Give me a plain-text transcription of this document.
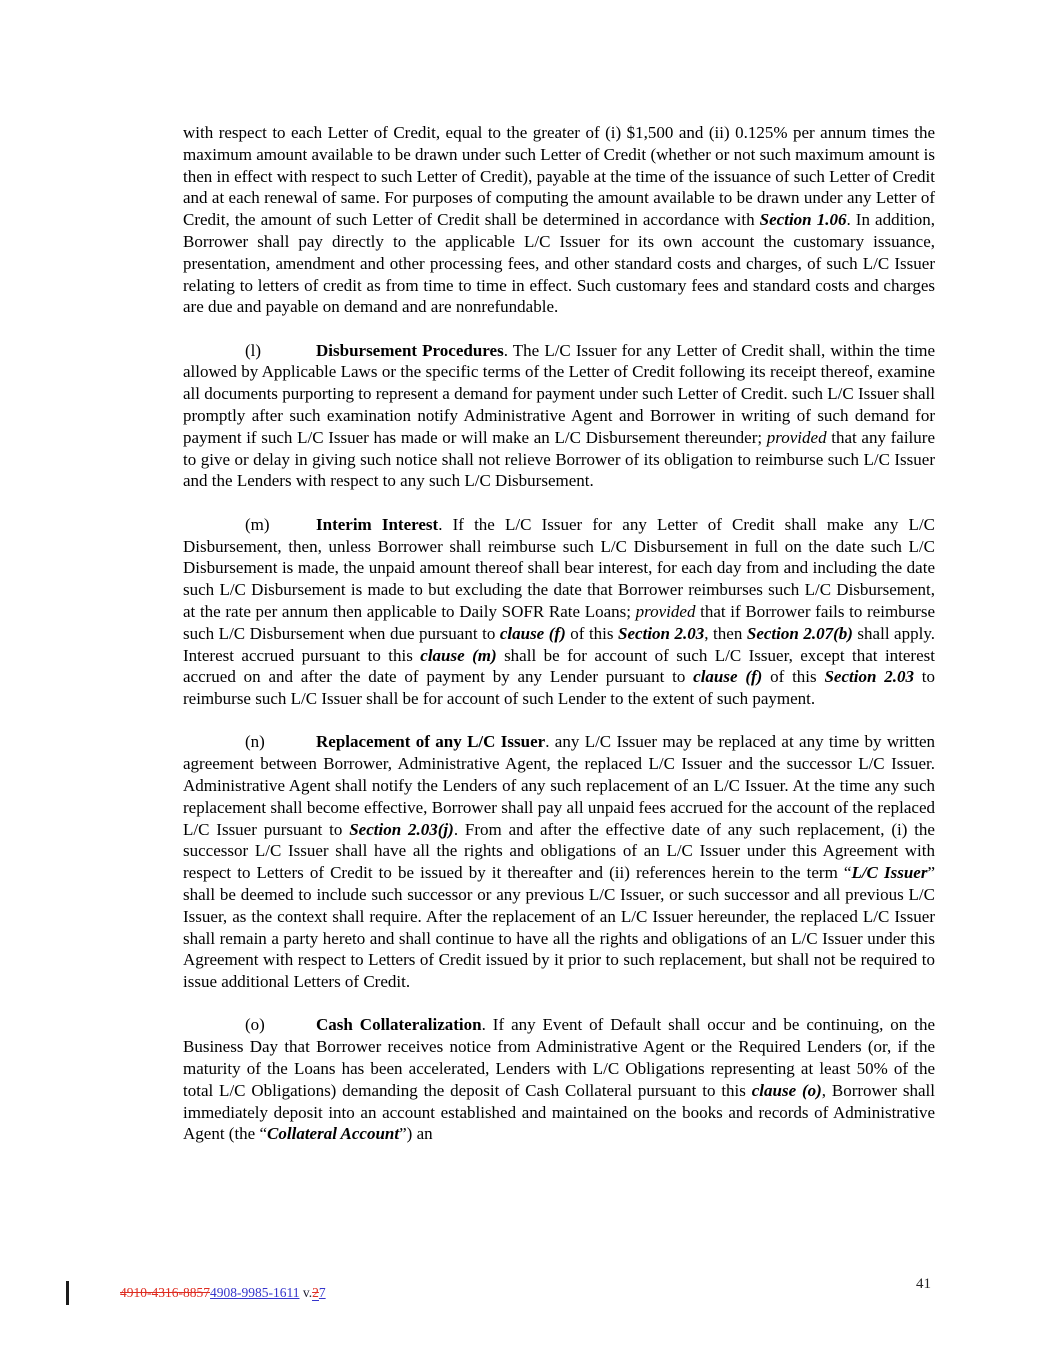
with respect to each Letter of Credit, equal to the greater of (i) $1,500 and (ii) 0.125% per annum times the maximum amount available to be drawn under such Letter of Credit (whether or not such maximum amount is then in effect with respect to such Letter of Credit), payable at the time of the issuance of such Letter of Credit and at each renewal of same. For purposes of computing the amount available to be drawn under any Letter of Credit, the amount of such Letter of Credit shall be determined in accordance with Section 1.06. In addition, Borrower shall pay directly to the applicable L/C Issuer for its own account the customary issuance, presentation, amendment and other processing fees, and other standard costs and charges, of such L/C Issuer relating to letters of credit as from time to time in effect. Such customary fees and standard costs and charges are due and payable on demand and are nonrefundable.

(l)	Disbursement Procedures. The L/C Issuer for any Letter of Credit shall, within the time allowed by Applicable Laws or the specific terms of the Letter of Credit following its receipt thereof, examine all documents purporting to represent a demand for payment under such Letter of Credit. such L/C Issuer shall promptly after such examination notify Administrative Agent and Borrower in writing of such demand for payment if such L/C Issuer has made or will make an L/C Disbursement thereunder; provided that any failure to give or delay in giving such notice shall not relieve Borrower of its obligation to reimburse such L/C Issuer and the Lenders with respect to any such L/C Disbursement.

(m)	Interim Interest. If the L/C Issuer for any Letter of Credit shall make any L/C Disbursement, then, unless Borrower shall reimburse such L/C Disbursement in full on the date such L/C Disbursement is made, the unpaid amount thereof shall bear interest, for each day from and including the date such L/C Disbursement is made to but excluding the date that Borrower reimburses such L/C Disbursement, at the rate per annum then applicable to Daily SOFR Rate Loans; provided that if Borrower fails to reimburse such L/C Disbursement when due pursuant to clause (f) of this Section 2.03, then Section 2.07(b) shall apply. Interest accrued pursuant to this clause (m) shall be for account of such L/C Issuer, except that interest accrued on and after the date of payment by any Lender pursuant to clause (f) of this Section 2.03 to reimburse such L/C Issuer shall be for account of such Lender to the extent of such payment.

(n)	Replacement of any L/C Issuer. any L/C Issuer may be replaced at any time by written agreement between Borrower, Administrative Agent, the replaced L/C Issuer and the successor L/C Issuer. Administrative Agent shall notify the Lenders of any such replacement of an L/C Issuer. At the time any such replacement shall become effective, Borrower shall pay all unpaid fees accrued for the account of the replaced L/C Issuer pursuant to Section 2.03(j). From and after the effective date of any such replacement, (i) the successor L/C Issuer shall have all the rights and obligations of an L/C Issuer under this Agreement with respect to Letters of Credit to be issued by it thereafter and (ii) references herein to the term “L/C Issuer” shall be deemed to include such successor or any previous L/C Issuer, or such successor and all previous L/C Issuer, as the context shall require. After the replacement of an L/C Issuer hereunder, the replaced L/C Issuer shall remain a party hereto and shall continue to have all the rights and obligations of an L/C Issuer under this Agreement with respect to Letters of Credit issued by it prior to such replacement, but shall not be required to issue additional Letters of Credit.

(o)	Cash Collateralization. If any Event of Default shall occur and be continuing, on the Business Day that Borrower receives notice from Administrative Agent or the Required Lenders (or, if the maturity of the Loans has been accelerated, Lenders with L/C Obligations representing at least 50% of the total L/C Obligations) demanding the deposit of Cash Collateral pursuant to this clause (o), Borrower shall immediately deposit into an account established and maintained on the books and records of Administrative Agent (the “Collateral Account”) an

4910-4316-88574908-9985-1611 v.27
41
